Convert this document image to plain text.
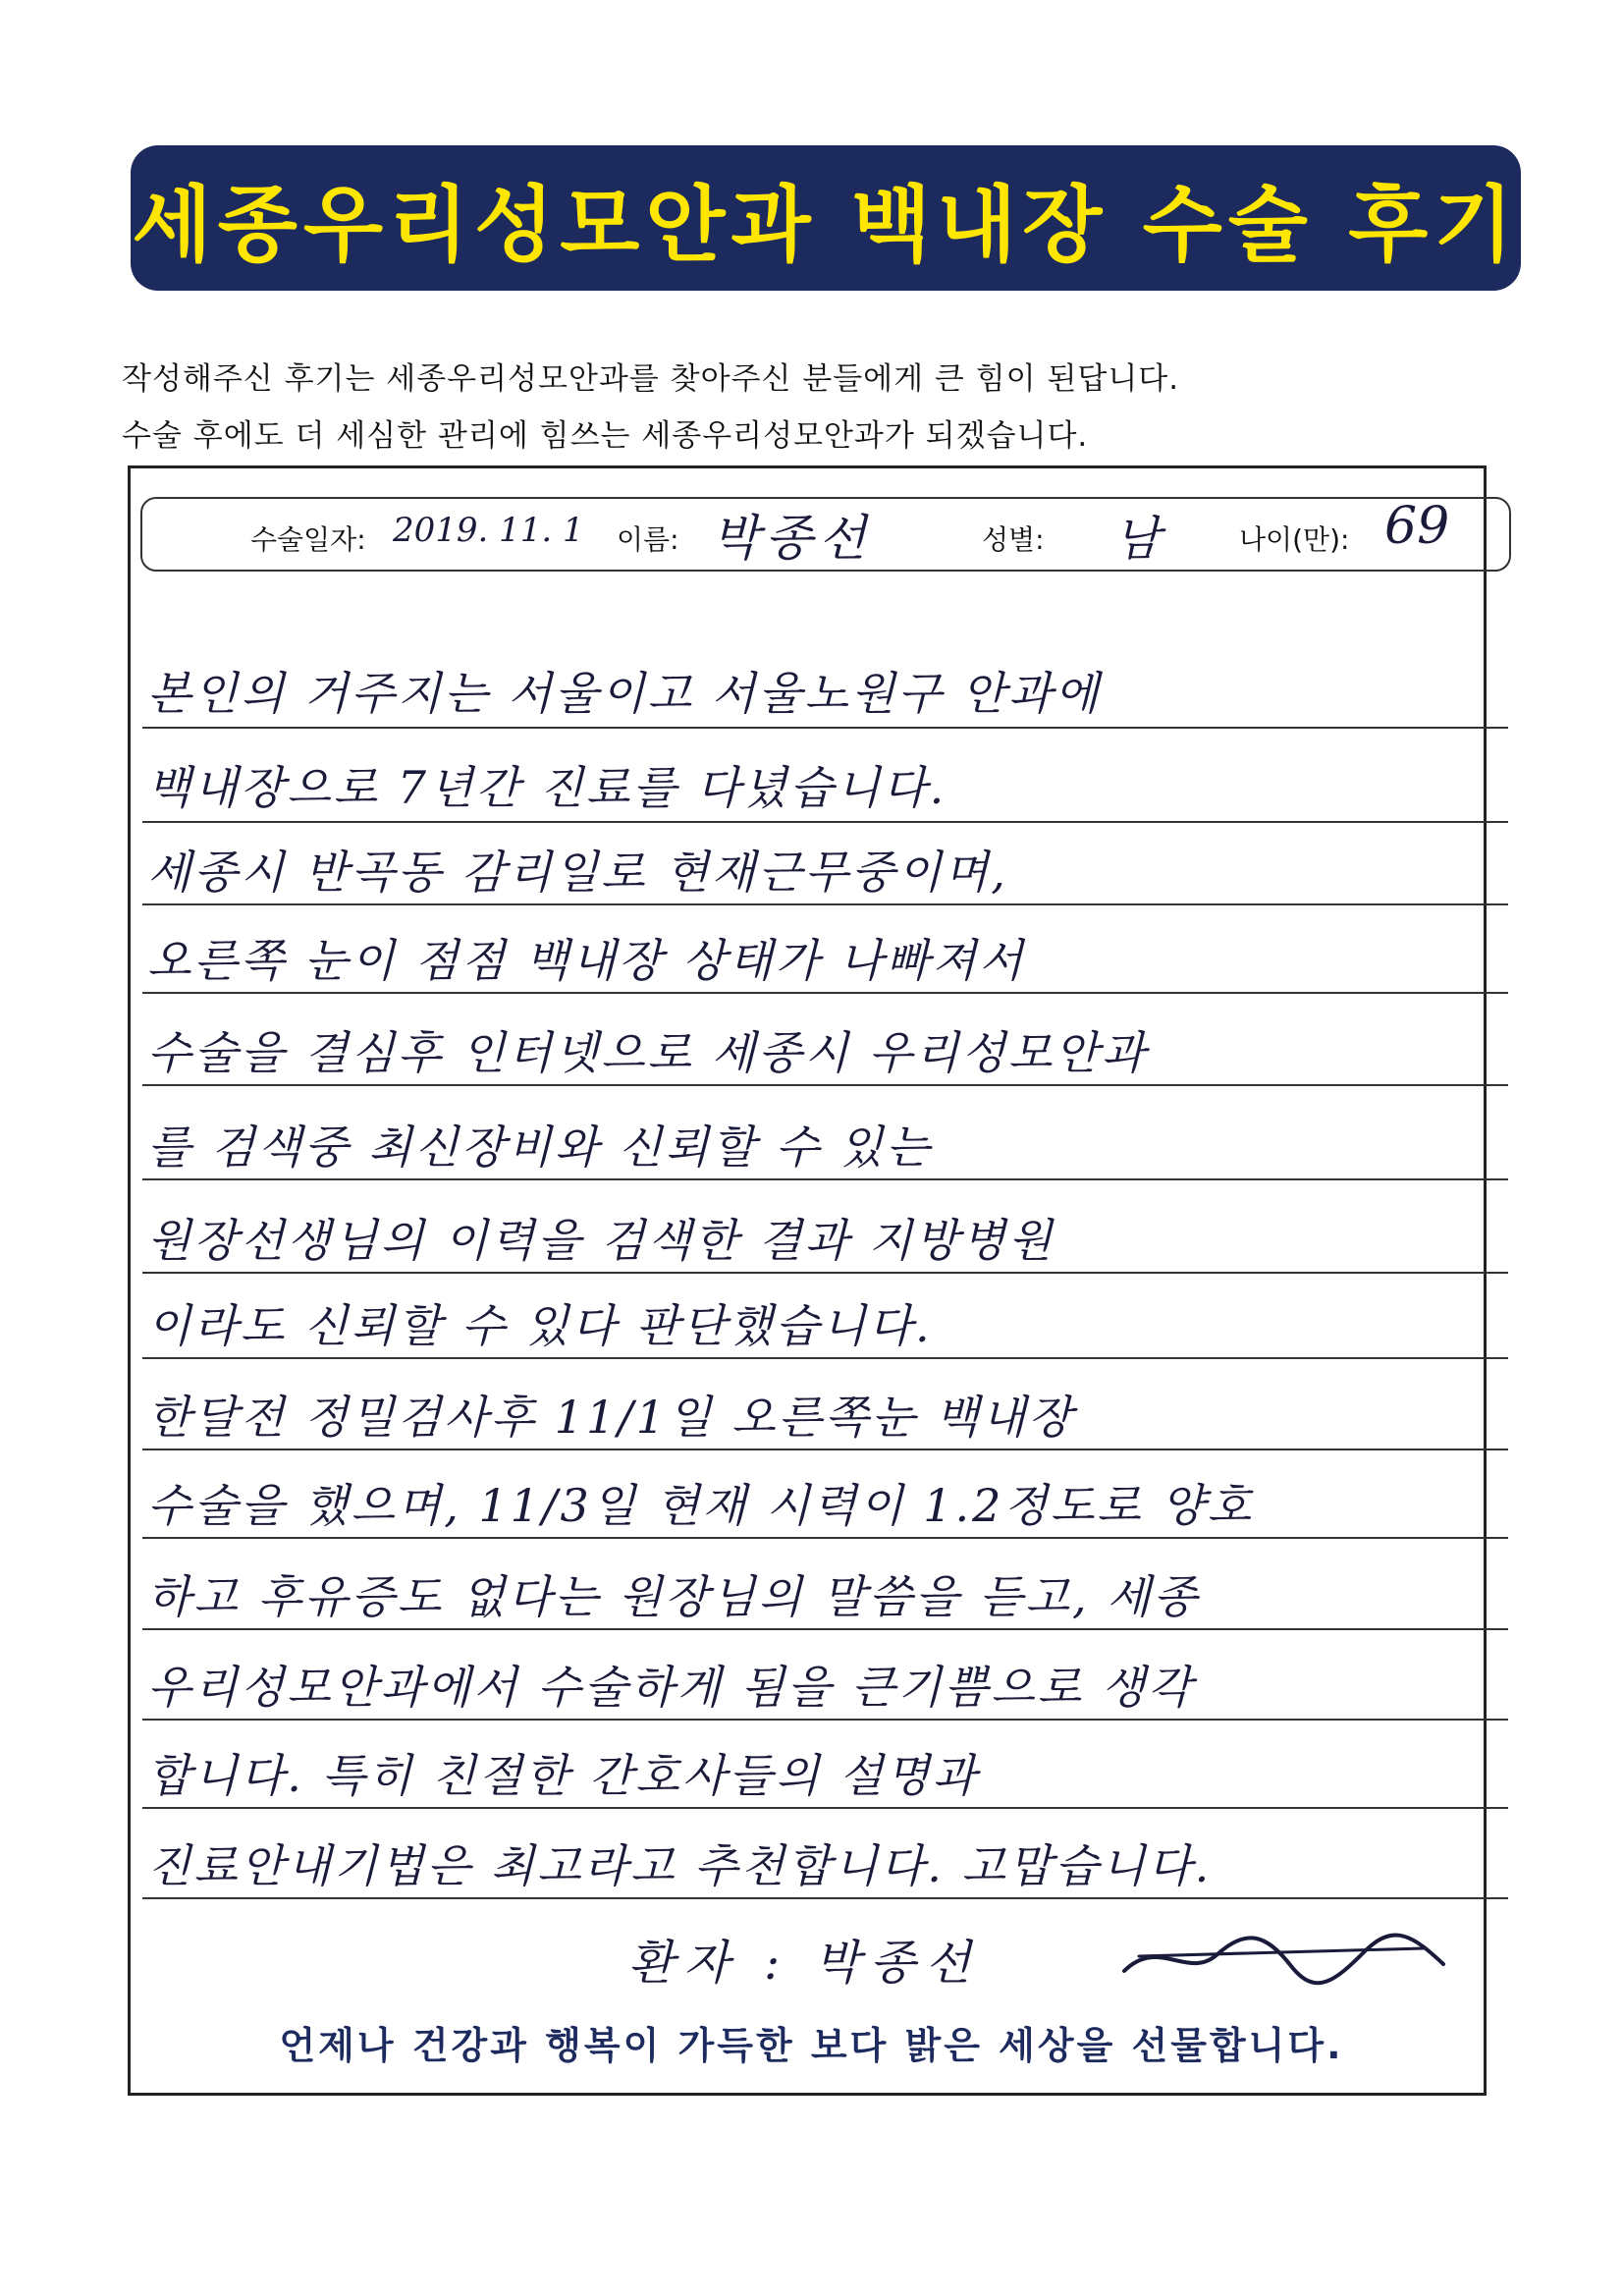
세종우리성모안과 백내장 수술 후기
작성해주신 후기는 세종우리성모안과를 찾아주신 분들에게 큰 힘이 된답니다.
수술 후에도 더 세심한 관리에 힘쓰는 세종우리성모안과가 되겠습니다.
수술일자: 2019. 11. 1 이름: 박종선	성별: 남	나이(만): 69
본인의 거주지는 서울이고 서울노원구 안과에
백내장으로 7년간 진료를 다녔습니다.
세종시 반곡동 감리일로 현재근무중이며,
오른쪽 눈이 점점 백내장 상태가 나빠져서
수술을 결심후 인터넷으로 세종시 우리성모안과
를 검색중 최신장비와 신뢰할 수 있는
원장선생님의 이력을 검색한 결과 지방병원
이라도 신뢰할 수 있다 판단했습니다.
한달전 정밀검사후 11/1일 오른쪽눈 백내장
수술을 했으며, 11/3일 현재 시력이 1.2정도로 양호
하고 후유증도 없다는 원장님의 말씀을 듣고, 세종
우리성모안과에서 수술하게 됨을 큰기쁨으로 생각
합니다. 특히 친절한 간호사들의 설명과
진료안내기법은 최고라고 추천합니다. 고맙습니다.
환자 : 박종선
언제나 건강과 행복이 가득한 보다 밝은 세상을 선물합니다.
